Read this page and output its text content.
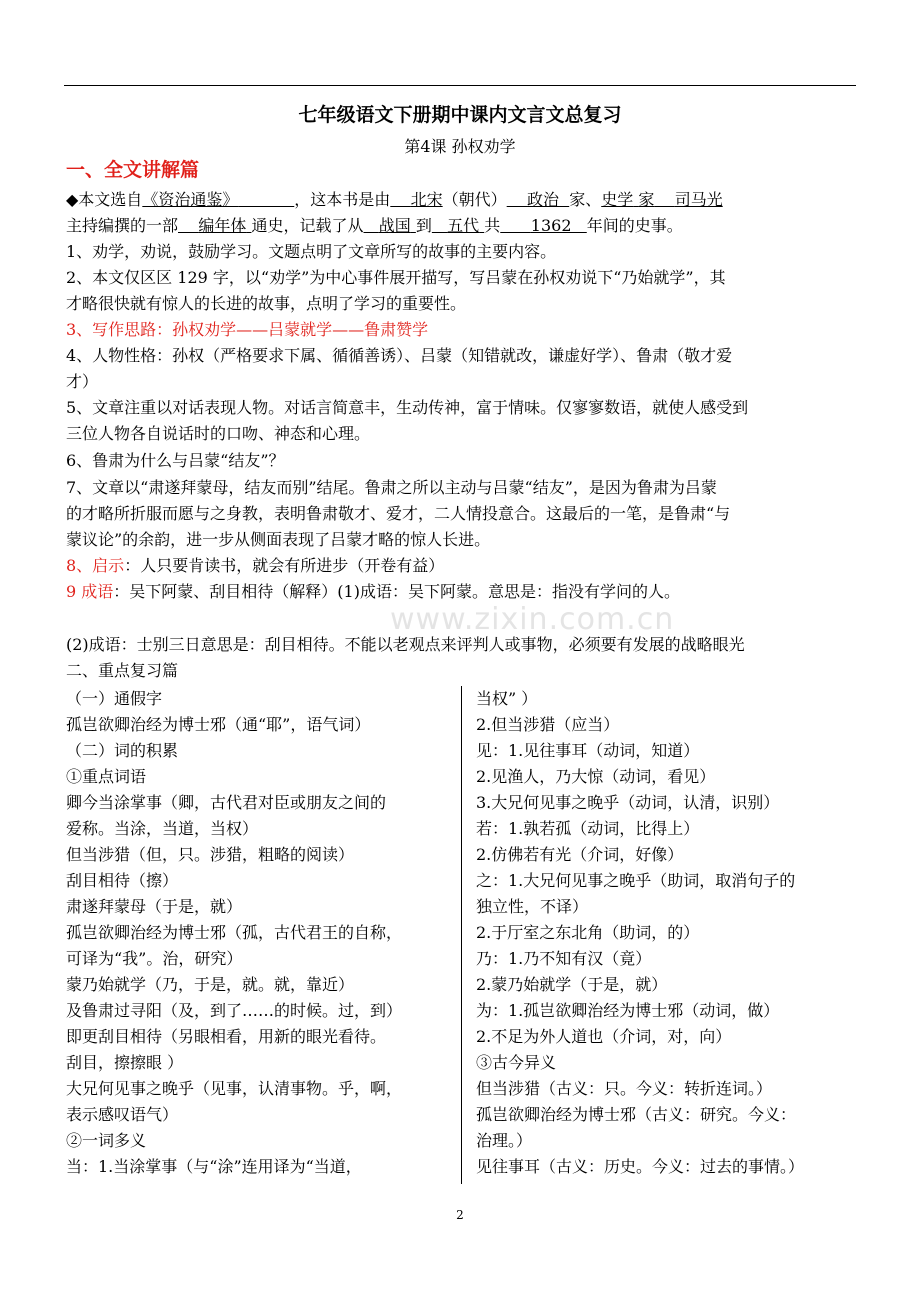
七年级语文下册期中课内文言文总复习
第4课 孙权劝学
一、全文讲解篇
◆本文选自《资治通鉴》	，这本书是由 北宋（朝代） 政治 家、史学 家 司马光
主持编撰的一部 编年体 通史，记载了从 战国 到 五代 共 1362 年间的史事。
1、劝学，劝说，鼓励学习。文题点明了文章所写的故事的主要内容。
2、本文仅区区 129 字，以“劝学”为中心事件展开描写，写吕蒙在孙权劝说下“乃始就学”，其
才略很快就有惊人的长进的故事，点明了学习的重要性。
3、写作思路：孙权劝学——吕蒙就学——鲁肃赞学
4、人物性格：孙权（严格要求下属、循循善诱）、吕蒙（知错就改，谦虚好学）、鲁肃（敬才爱
才）
5、文章注重以对话表现人物。对话言简意丰，生动传神，富于情味。仅寥寥数语，就使人感受到
三位人物各自说话时的口吻、神态和心理。
6、鲁肃为什么与吕蒙“结友”？
7、文章以“肃遂拜蒙母，结友而别”结尾。鲁肃之所以主动与吕蒙“结友”，是因为鲁肃为吕蒙
的才略所折服而愿与之身教，表明鲁肃敬才、爱才，二人情投意合。这最后的一笔，是鲁肃“与
蒙议论”的余韵，进一步从侧面表现了吕蒙才略的惊人长进。
8、启示：人只要肯读书，就会有所进步（开卷有益）
9 成语：吴下阿蒙、刮目相待（解释）(1)成语：吴下阿蒙。意思是：指没有学问的人。
www.zixin.com.cn
(2)成语：士别三日意思是：刮目相待。不能以老观点来评判人或事物，必须要有发展的战略眼光
二、重点复习篇
（一）通假字
孤岂欲卿治经为博士邪（通“耶”，语气词）
（二）词的积累
①重点词语
卿今当涂掌事（卿，古代君对臣或朋友之间的
爱称。当涂，当道，当权）
但当涉猎（但，只。涉猎，粗略的阅读）
刮目相待（擦）
肃遂拜蒙母（于是，就）
孤岂欲卿治经为博士邪（孤，古代君王的自称，
可译为“我”。治，研究）
蒙乃始就学（乃，于是，就。就，靠近）
及鲁肃过寻阳（及，到了……的时候。过，到）
即更刮目相待（另眼相看，用新的眼光看待。
刮目，擦擦眼 ）
大兄何见事之晚乎（见事，认清事物。乎，啊，
表示感叹语气）
②一词多义
当：1.当涂掌事（与“涂”连用译为“当道，
当权” ）
2.但当涉猎（应当）
见：1.见往事耳（动词，知道）
2.见渔人，乃大惊（动词，看见）
3.大兄何见事之晚乎（动词，认清，识别）
若：1.孰若孤（动词，比得上）
2.仿佛若有光（介词，好像）
之：1.大兄何见事之晚乎（助词，取消句子的
独立性，不译）
2.于厅室之东北角（助词，的）
乃：1.乃不知有汉（竟）
2.蒙乃始就学（于是，就）
为：1.孤岂欲卿治经为博士邪（动词，做）
2.不足为外人道也（介词，对，向）
③古今异义
但当涉猎（古义：只。今义：转折连词。）
孤岂欲卿治经为博士邪（古义：研究。今义：
治理。）
见往事耳（古义：历史。今义：过去的事情。）
2
